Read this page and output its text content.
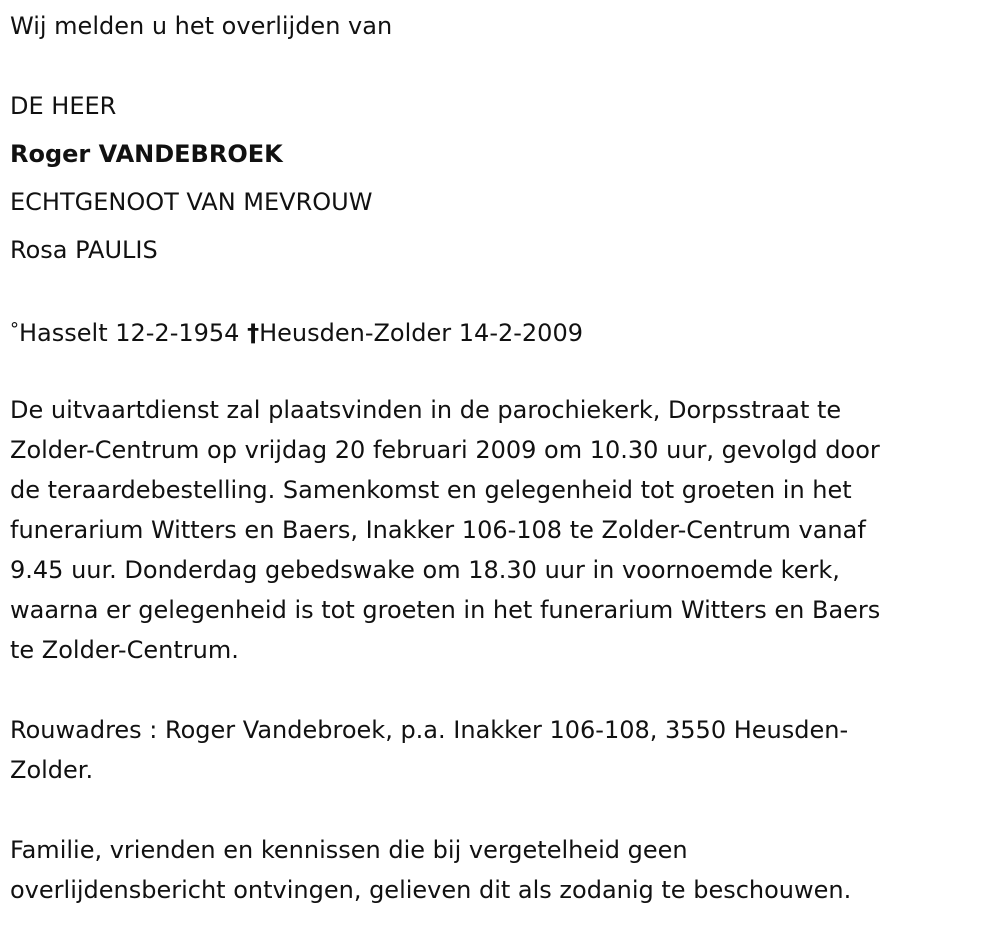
Wij melden u het overlijden van

DE HEER

Roger VANDEBROEK

ECHTGENOOT VAN MEVROUW

Rosa PAULIS

°Hasselt 12-2-1954 †Heusden-Zolder 14-2-2009

De uitvaartdienst zal plaatsvinden in de parochiekerk, Dorpsstraat te

Zolder-Centrum op vrijdag 20 februari 2009 om 10.30 uur, gevolgd door

de teraardebestelling. Samenkomst en gelegenheid tot groeten in het

funerarium Witters en Baers, Inakker 106-108 te Zolder-Centrum vanaf

9.45 uur. Donderdag gebedswake om 18.30 uur in voornoemde kerk,

waarna er gelegenheid is tot groeten in het funerarium Witters en Baers

te Zolder-Centrum.

Rouwadres : Roger Vandebroek, p.a. Inakker 106-108, 3550 Heusden-

Zolder.

Familie, vrienden en kennissen die bij vergetelheid geen

overlijdensbericht ontvingen, gelieven dit als zodanig te beschouwen.
